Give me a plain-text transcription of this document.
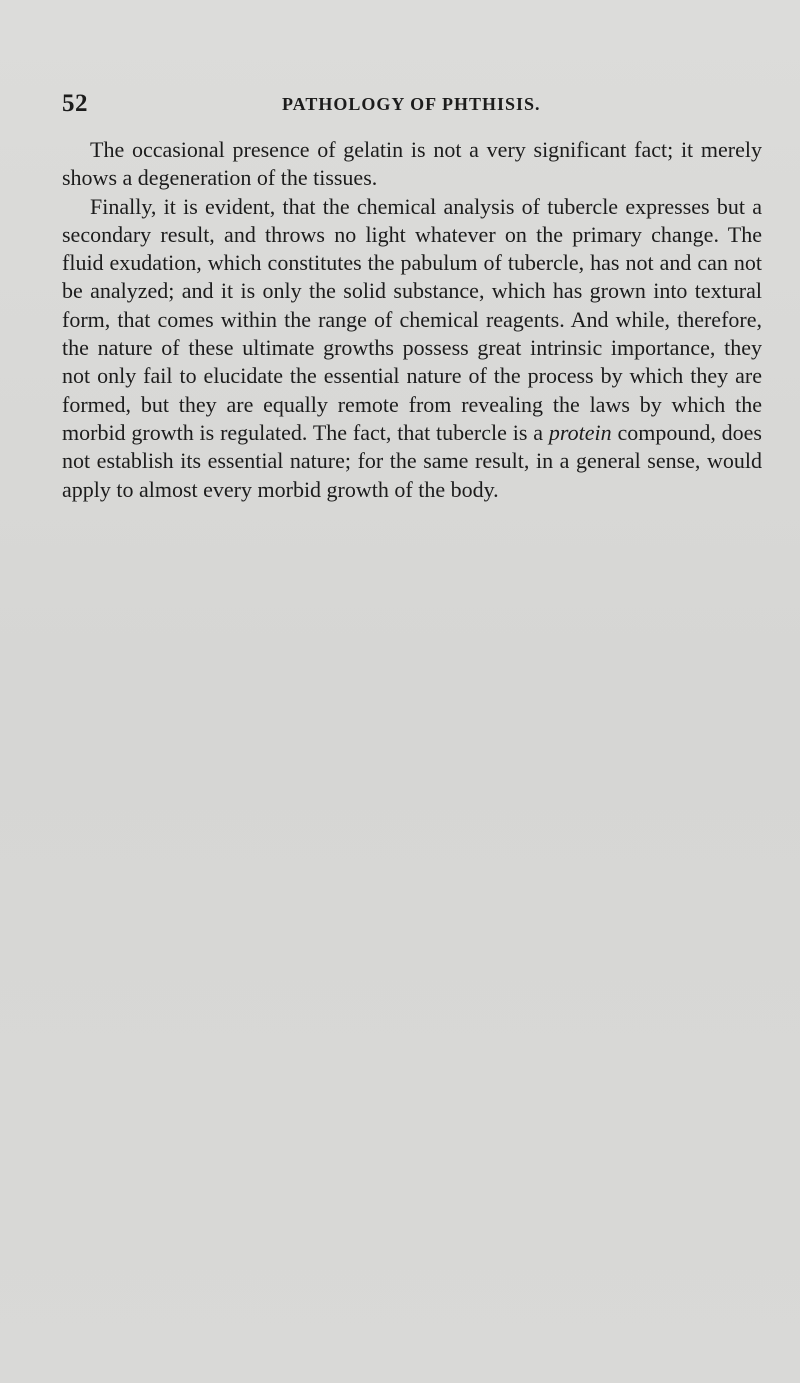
52	PATHOLOGY OF PHTHISIS.

The occasional presence of gelatin is not a very significant fact; it merely shows a degeneration of the tissues.

Finally, it is evident, that the chemical analysis of tubercle expresses but a secondary result, and throws no light whatever on the primary change. The fluid exudation, which constitutes the pabulum of tubercle, has not and can not be analyzed; and it is only the solid substance, which has grown into textural form, that comes within the range of chemical reagents. And while, therefore, the nature of these ultimate growths possess great intrinsic importance, they not only fail to elucidate the essential nature of the process by which they are formed, but they are equally remote from revealing the laws by which the morbid growth is regulated. The fact, that tubercle is a protein compound, does not establish its essential nature; for the same result, in a general sense, would apply to almost every morbid growth of the body.
